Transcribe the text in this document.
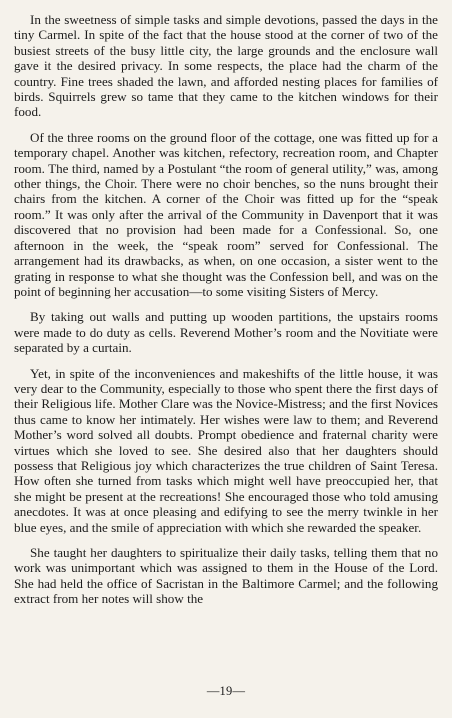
In the sweetness of simple tasks and simple devotions, passed the days in the tiny Carmel. In spite of the fact that the house stood at the corner of two of the busiest streets of the busy little city, the large grounds and the enclosure wall gave it the desired privacy. In some respects, the place had the charm of the country. Fine trees shaded the lawn, and afforded nesting places for families of birds. Squirrels grew so tame that they came to the kitchen windows for their food.

Of the three rooms on the ground floor of the cottage, one was fitted up for a temporary chapel. Another was kitchen, refectory, recreation room, and Chapter room. The third, named by a Postulant “the room of general utility,” was, among other things, the Choir. There were no choir benches, so the nuns brought their chairs from the kitchen. A corner of the Choir was fitted up for the “speak room.” It was only after the arrival of the Community in Davenport that it was discovered that no provision had been made for a Confessional. So, one afternoon in the week, the “speak room” served for Confessional. The arrangement had its drawbacks, as when, on one occasion, a sister went to the grating in response to what she thought was the Confession bell, and was on the point of beginning her accusation—to some visiting Sisters of Mercy.

By taking out walls and putting up wooden partitions, the upstairs rooms were made to do duty as cells. Reverend Mother’s room and the Novitiate were separated by a curtain.

Yet, in spite of the inconveniences and makeshifts of the little house, it was very dear to the Community, especially to those who spent there the first days of their Religious life. Mother Clare was the Novice-Mistress; and the first Novices thus came to know her intimately. Her wishes were law to them; and Reverend Mother’s word solved all doubts. Prompt obedience and fraternal charity were virtues which she loved to see. She desired also that her daughters should possess that Religious joy which characterizes the true children of Saint Teresa. How often she turned from tasks which might well have preoccupied her, that she might be present at the recreations! She encouraged those who told amusing anecdotes. It was at once pleasing and edifying to see the merry twinkle in her blue eyes, and the smile of appreciation with which she rewarded the speaker.

She taught her daughters to spiritualize their daily tasks, telling them that no work was unimportant which was assigned to them in the House of the Lord. She had held the office of Sacristan in the Baltimore Carmel; and the following extract from her notes will show the

—19—
